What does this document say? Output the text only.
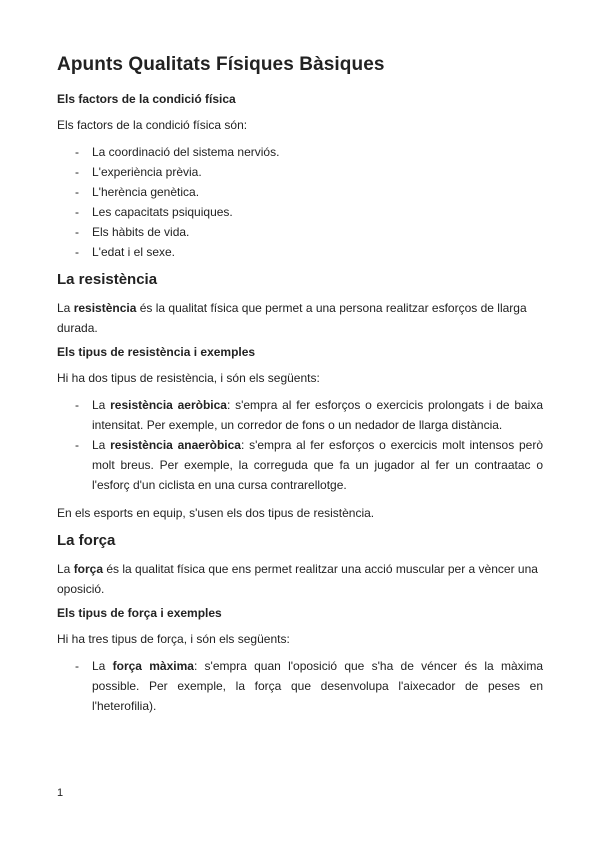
Apunts Qualitats Físiques Bàsiques
Els factors de la condició física

Els factors de la condició física són:

- La coordinació del sistema nerviós.
- L'experiència prèvia.
- L'herència genètica.
- Les capacitats psiquiques.
- Els hàbits de vida.
- L'edat i el sexe.
La resistència

La resistència és la qualitat física que permet a una persona realitzar esforços de llarga durada.

Els tipus de resistència i exemples

Hi ha dos tipus de resistència, i són els següents:

- La resistència aeròbica: s'empra al fer esforços o exercicis prolongats i de baixa intensitat. Per exemple, un corredor de fons o un nedador de llarga distància.
- La resistència anaeròbica: s'empra al fer esforços o exercicis molt intensos però molt breus. Per exemple, la correguda que fa un jugador al fer un contraatac o l'esforç d'un ciclista en una cursa contrarellotge.

En els esports en equip, s'usen els dos tipus de resistència.

La força

La força és la qualitat física que ens permet realitzar una acció muscular per a vèncer una oposició.

Els tipus de força i exemples

Hi ha tres tipus de força, i són els següents:

- La força màxima: s'empra quan l'oposició que s'ha de véncer és la màxima possible. Per exemple, la força que desenvolupa l'aixecador de peses en l'heterofilia).
1
